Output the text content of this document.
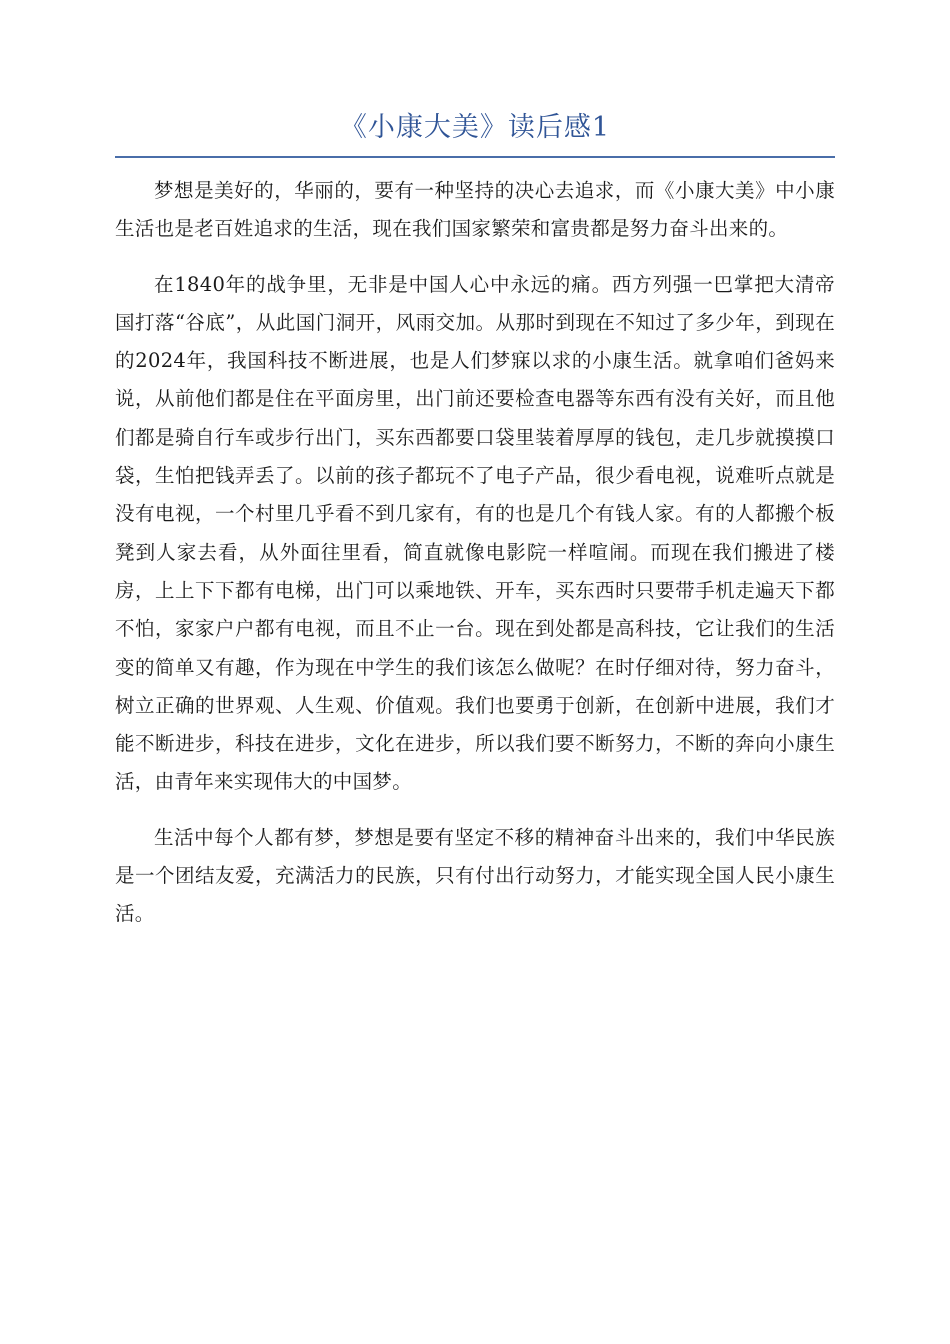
《小康大美》读后感1

梦想是美好的，华丽的，要有一种坚持的决心去追求，而《小康大美》中小康生活也是老百姓追求的生活，现在我们国家繁荣和富贵都是努力奋斗出来的。

在1840年的战争里，无非是中国人心中永远的痛。西方列强一巴掌把大清帝国打落“谷底”，从此国门洞开，风雨交加。从那时到现在不知过了多少年，到现在的2024年，我国科技不断进展，也是人们梦寐以求的小康生活。就拿咱们爸妈来说，从前他们都是住在平面房里，出门前还要检查电器等东西有没有关好，而且他们都是骑自行车或步行出门，买东西都要口袋里装着厚厚的钱包，走几步就摸摸口袋，生怕把钱弄丢了。以前的孩子都玩不了电子产品，很少看电视，说难听点就是没有电视，一个村里几乎看不到几家有，有的也是几个有钱人家。有的人都搬个板凳到人家去看，从外面往里看，简直就像电影院一样喧闹。而现在我们搬进了楼房，上上下下都有电梯，出门可以乘地铁、开车，买东西时只要带手机走遍天下都不怕，家家户户都有电视，而且不止一台。现在到处都是高科技，它让我们的生活变的简单又有趣，作为现在中学生的我们该怎么做呢？在时仔细对待，努力奋斗，树立正确的世界观、人生观、价值观。我们也要勇于创新，在创新中进展，我们才能不断进步，科技在进步，文化在进步，所以我们要不断努力，不断的奔向小康生活，由青年来实现伟大的中国梦。

生活中每个人都有梦，梦想是要有坚定不移的精神奋斗出来的，我们中华民族是一个团结友爱，充满活力的民族，只有付出行动努力，才能实现全国人民小康生活。
